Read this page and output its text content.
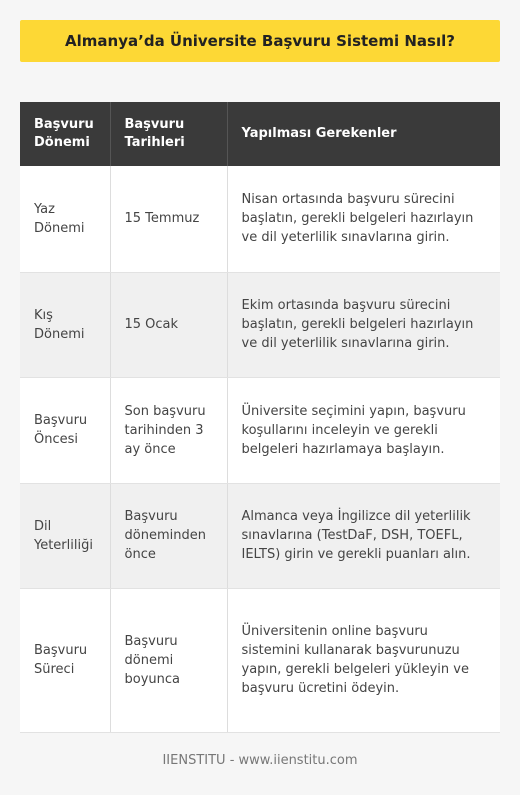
Almanya’da Üniversite Başvuru Sistemi Nasıl?
Başvuru Dönemi	Başvuru Tarihleri	Yapılması Gerekenler
Yaz Dönemi	15 Temmuz	Nisan ortasında başvuru sürecini başlatın, gerekli belgeleri hazırlayın ve dil yeterlilik sınavlarına girin.
Kış Dönemi	15 Ocak	Ekim ortasında başvuru sürecini başlatın, gerekli belgeleri hazırlayın ve dil yeterlilik sınavlarına girin.
Başvuru Öncesi	Son başvuru tarihinden 3 ay önce	Üniversite seçimini yapın, başvuru koşullarını inceleyin ve gerekli belgeleri hazırlamaya başlayın.
Dil Yeterliliği	Başvuru döneminden önce	Almanca veya İngilizce dil yeterlilik sınavlarına (TestDaF, DSH, TOEFL, IELTS) girin ve gerekli puanları alın.
Başvuru Süreci	Başvuru dönemi boyunca	Üniversitenin online başvuru sistemini kullanarak başvurunuzu yapın, gerekli belgeleri yükleyin ve başvuru ücretini ödeyin.
IIENSTITU - www.iienstitu.com
